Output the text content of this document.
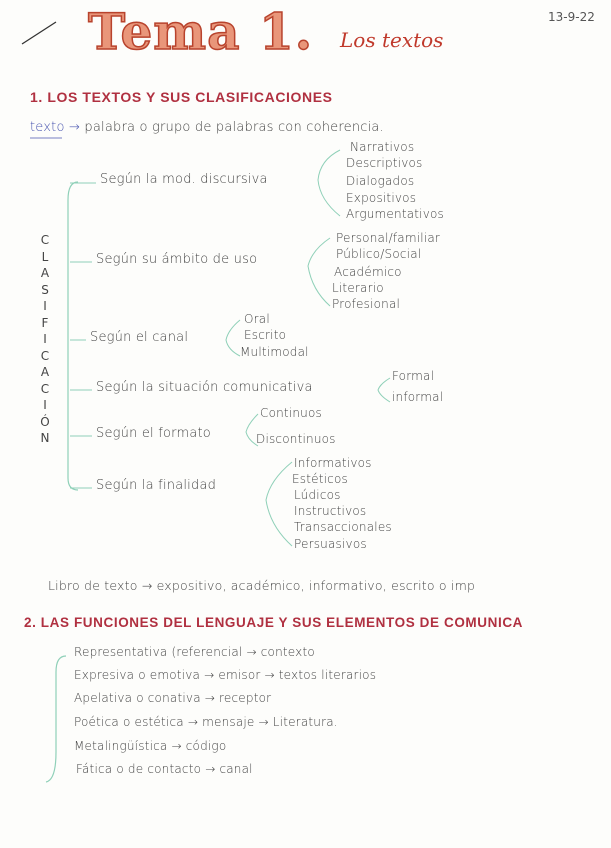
13-9-22
Tema 1. Los textos
1. LOS TEXTOS Y SUS CLASIFICACIONES
texto → palabra o grupo de palabras con coherencia.
C
L
A
S
I
F
I
C
A
C
I
Ó
N
Según la mod. discursiva
Narrativos
Descriptivos
Dialogados
Expositivos
Argumentativos
Según su ámbito de uso
Personal/familiar
Público/Social
Académico
Literario
Profesional
Según el canal
Oral
Escrito
Multimodal
Según la situación comunicativa
Formal
informal
Según el formato
Continuos
Discontinuos
Según la finalidad
Informativos
Estéticos
Lúdicos
Instructivos
Transaccionales
Persuasivos
Libro de texto → expositivo, académico, informativo, escrito o imp
2. LAS FUNCIONES DEL LENGUAJE Y SUS ELEMENTOS DE COMUNICA
Representativa (referencial → contexto
Expresiva o emotiva → emisor → textos literarios
Apelativa o conativa → receptor
Poética o estética → mensaje → Literatura.
Metalingüística → código
Fática o de contacto → canal
